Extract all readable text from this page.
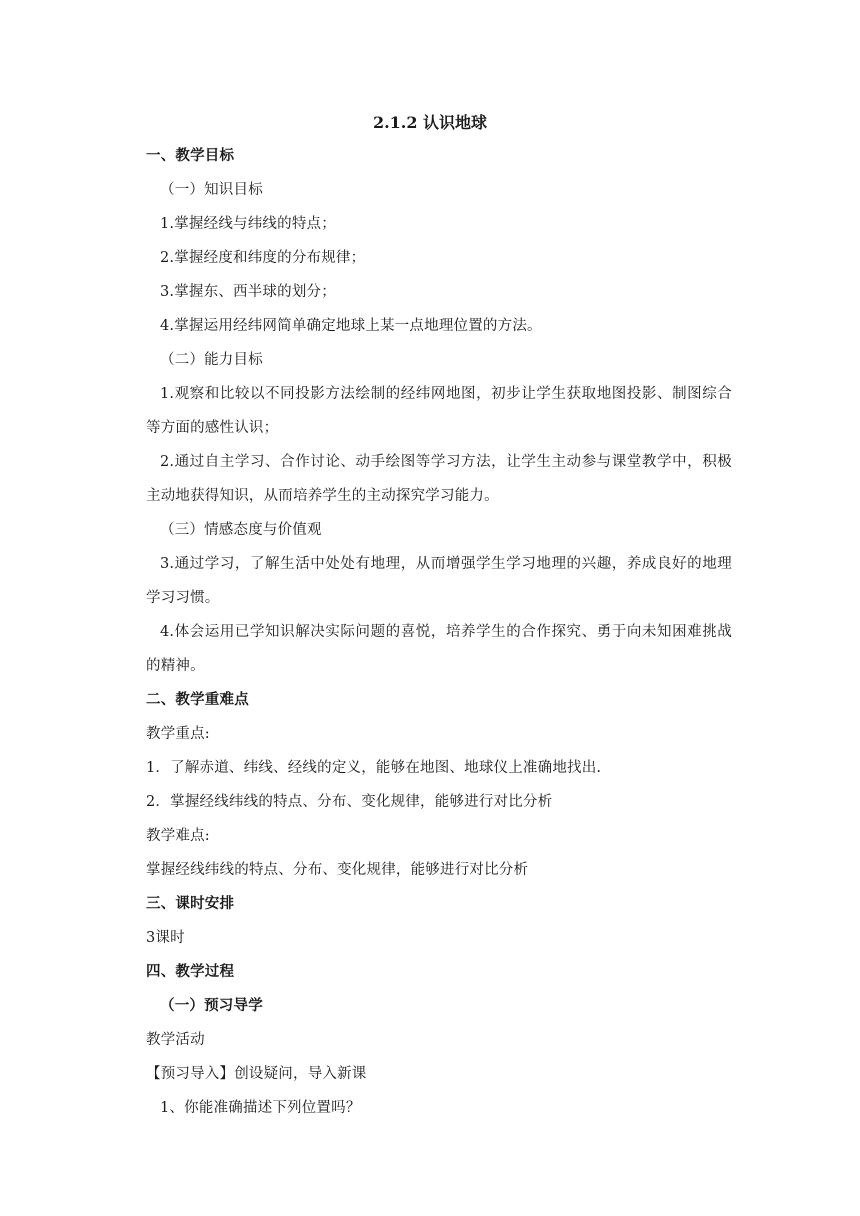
2.1.2 认识地球
一、教学目标
（一）知识目标
1.掌握经线与纬线的特点；
2.掌握经度和纬度的分布规律；
3.掌握东、西半球的划分；
4.掌握运用经纬网简单确定地球上某一点地理位置的方法。
（二）能力目标
1.观察和比较以不同投影方法绘制的经纬网地图，初步让学生获取地图投影、制图综合
等方面的感性认识；
2.通过自主学习、合作讨论、动手绘图等学习方法，让学生主动参与课堂教学中，积极
主动地获得知识，从而培养学生的主动探究学习能力。
（三）情感态度与价值观
3.通过学习，了解生活中处处有地理，从而增强学生学习地理的兴趣，养成良好的地理
学习习惯。
4.体会运用已学知识解决实际问题的喜悦，培养学生的合作探究、勇于向未知困难挑战
的精神。
二、教学重难点
教学重点:
1．了解赤道、纬线、经线的定义，能够在地图、地球仪上准确地找出.
2．掌握经线纬线的特点、分布、变化规律，能够进行对比分析
教学难点:
掌握经线纬线的特点、分布、变化规律，能够进行对比分析
三、课时安排
3课时
四、教学过程
（一）预习导学
教学活动
【预习导入】创设疑问，导入新课
1、你能准确描述下列位置吗？
